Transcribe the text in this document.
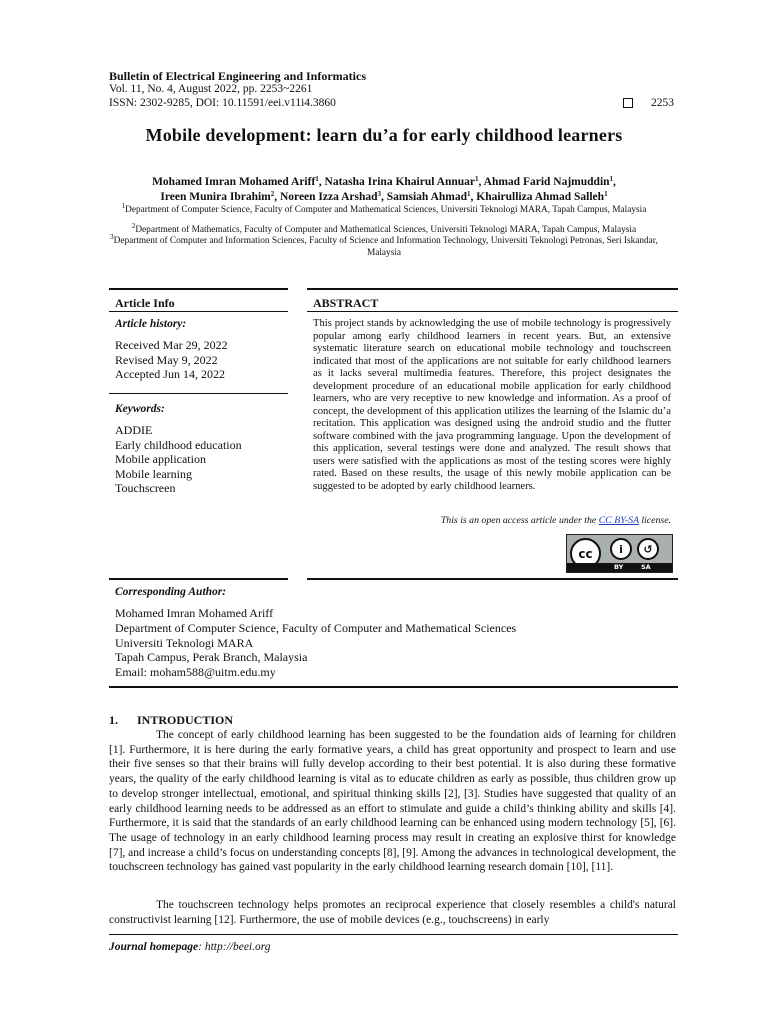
Bulletin of Electrical Engineering and Informatics
Vol. 11, No. 4, August 2022, pp. 2253~2261
ISSN: 2302-9285, DOI: 10.11591/eei.v11i4.3860	2253
Mobile development: learn du’a for early childhood learners
Mohamed Imran Mohamed Ariff$^1$, Natasha Irina Khairul Annuar$^1$, Ahmad Farid Najmuddin$^1$,
Ireen Munira Ibrahim$^2$, Noreen Izza Arshad$^3$, Samsiah Ahmad$^1$, Khairulliza Ahmad Salleh$^1$
$^1$Department of Computer Science, Faculty of Computer and Mathematical Sciences, Universiti Teknologi MARA, Tapah Campus, Malaysia
$^2$Department of Mathematics, Faculty of Computer and Mathematical Sciences, Universiti Teknologi MARA, Tapah Campus, Malaysia
$^3$Department of Computer and Information Sciences, Faculty of Science and Information Technology, Universiti Teknologi Petronas, Seri Iskandar, Malaysia
Article Info
Article history:
Received Mar 29, 2022
Revised May 9, 2022
Accepted Jun 14, 2022
Keywords:
ADDIE
Early childhood education
Mobile application
Mobile learning
Touchscreen
ABSTRACT
This project stands by acknowledging the use of mobile technology is progressively popular among early childhood learners in recent years. But, an extensive systematic literature search on educational mobile technology and touchscreen indicated that most of the applications are not suitable for early childhood learners as it lacks several multimedia features. Therefore, this project designates the development procedure of an educational mobile application for early childhood learners, who are very receptive to new knowledge and information. As a proof of concept, the development of this application utilizes the learning of the Islamic du’a recitation. This application was designed using the android studio and the flutter software combined with the java programming language. Upon the development of this application, several testings were done and analyzed. The result shows that users were satisfied with the applications as most of the testing scores were highly rated. Based on these results, the usage of this newly mobile application can be suggested to be adopted by early childhood learners.
This is an open access article under the CC BY-SA license.
cc	i	↺
BY	SA
Corresponding Author:
Mohamed Imran Mohamed Ariff
Department of Computer Science, Faculty of Computer and Mathematical Sciences
Universiti Teknologi MARA
Tapah Campus, Perak Branch, Malaysia
Email: moham588@uitm.edu.my
1. INTRODUCTION
The concept of early childhood learning has been suggested to be the foundation aids of learning for children [1]. Furthermore, it is here during the early formative years, a child has great opportunity and prospect to learn and use their five senses so that their brains will fully develop according to their best potential. It is also during these formative years, the quality of the early childhood learning is vital as to educate children as early as possible, thus children grow up to develop stronger intellectual, emotional, and spiritual thinking skills [2], [3]. Studies have suggested that quality of an early childhood learning needs to be addressed as an effort to stimulate and guide a child’s thinking ability and skills [4]. Furthermore, it is said that the standards of an early childhood learning can be enhanced using modern technology [5], [6]. The usage of technology in an early childhood learning process may result in creating an explosive thirst for knowledge [7], and increase a child’s focus on understanding concepts [8], [9]. Among the advances in technological development, the touchscreen technology has gained vast popularity in the early childhood learning research domain [10], [11].
The touchscreen technology helps promotes an reciprocal experience that closely resembles a child's natural constructivist learning [12]. Furthermore, the use of mobile devices (e.g., touchscreens) in early
Journal homepage: http://beei.org
